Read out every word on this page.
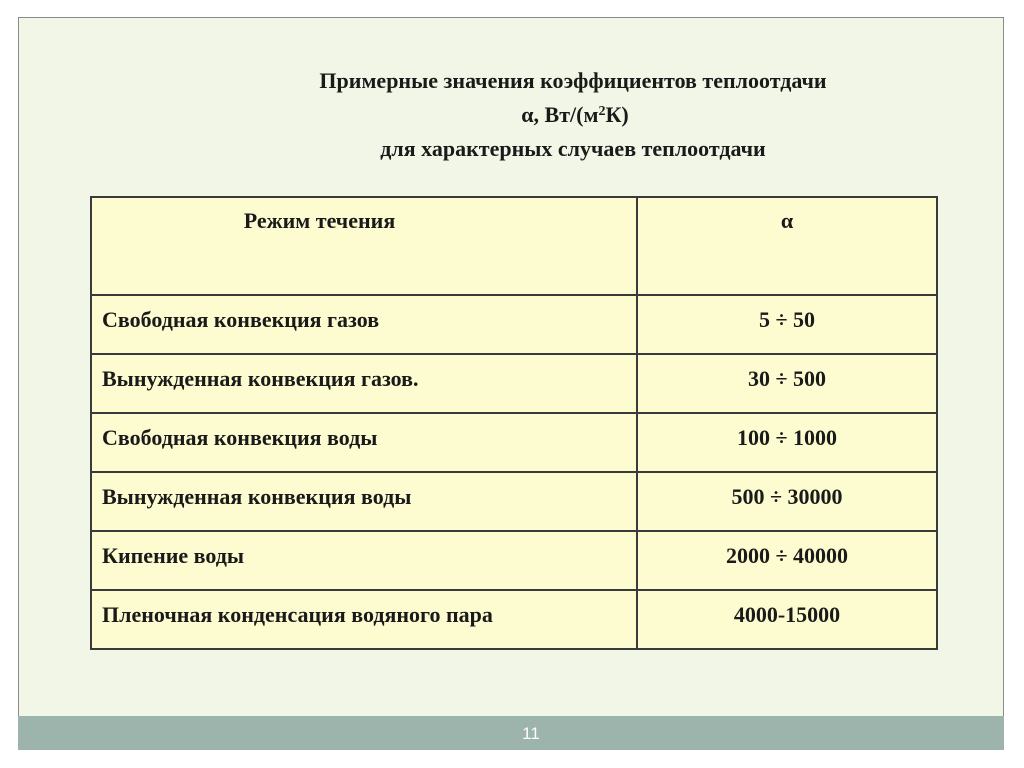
Примерные значения коэффициентов теплоотдачи
α, $Вт/(м^2К)$
для характерных случаев теплоотдачи
Режим течения	α
Свободная конвекция газов	5 ÷ 50
Вынужденная конвекция газов.	30 ÷ 500
Свободная конвекция воды	100 ÷ 1000
Вынужденная конвекция воды	500 ÷ 30000
Кипение воды	2000 ÷ 40000
Пленочная конденсация водяного пара	4000-15000
11
